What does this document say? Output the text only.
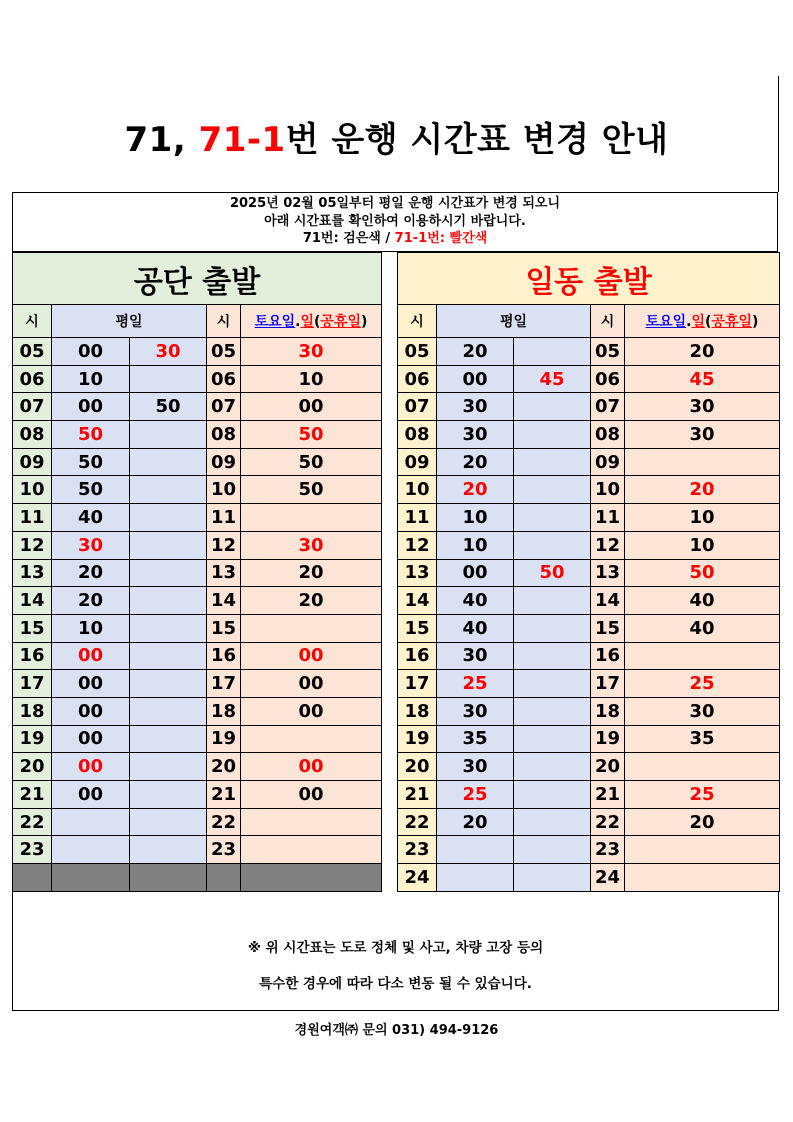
71, 71-1번 운행 시간표 변경 안내
2025년 02월 05일부터 평일 운행 시간표가 변경 되오니
아래 시간표를 확인하여 이용하시기 바랍니다.
71번: 검은색 / 71-1번: 빨간색
공단 출발				
시	평일		시	토요일.일(공휴일)
05	00	30	05	30
06	10		06	10
07	00	50	07	00
08	50		08	50
09	50		09	50
10	50		10	50
11	40		11	
12	30		12	30
13	20		13	20
14	20		14	20
15	10		15	
16	00		16	00
17	00		17	00
18	00		18	00
19	00		19	
20	00		20	00
21	00		21	00
22			22	
23			23	

일동 출발				
시	평일		시	토요일.일(공휴일)
05	20		05	20
06	00	45	06	45
07	30		07	30
08	30		08	30
09	20		09	
10	20		10	20
11	10		11	10
12	10		12	10
13	00	50	13	50
14	40		14	40
15	40		15	40
16	30		16	
17	25		17	25
18	30		18	30
19	35		19	35
20	30		20	
21	25		21	25
22	20		22	20
23			23	
24			24	
※ 위 시간표는 도로 정체 및 사고, 차량 고장 등의
특수한 경우에 따라 다소 변동 될 수 있습니다.
경원여객㈜ 문의 031) 494-9126
